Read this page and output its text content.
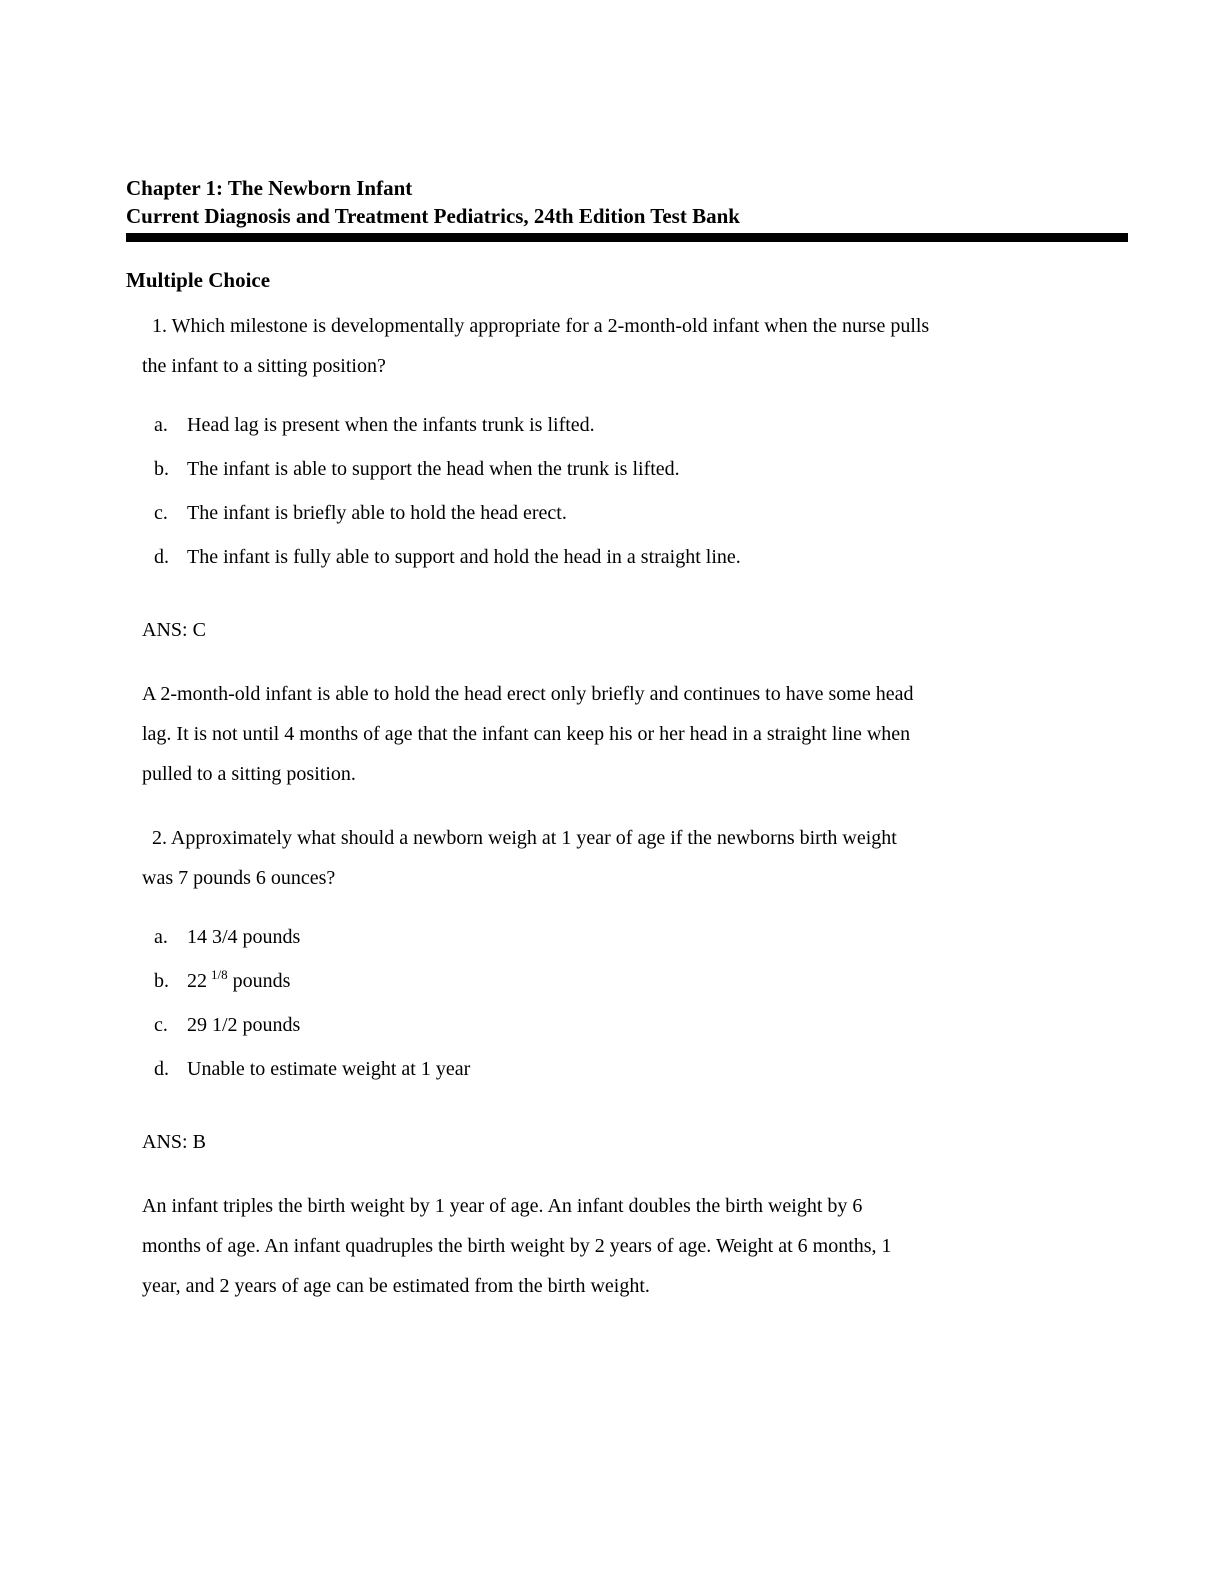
Chapter 1: The Newborn Infant
Current Diagnosis and Treatment Pediatrics, 24th Edition Test Bank
Multiple Choice
1. Which milestone is developmentally appropriate for a 2-month-old infant when the nurse pulls
the infant to a sitting position?
a. Head lag is present when the infants trunk is lifted.
b. The infant is able to support the head when the trunk is lifted.
c. The infant is briefly able to hold the head erect.
d. The infant is fully able to support and hold the head in a straight line.
ANS: C
A 2-month-old infant is able to hold the head erect only briefly and continues to have some head
lag. It is not until 4 months of age that the infant can keep his or her head in a straight line when
pulled to a sitting position.
2. Approximately what should a newborn weigh at 1 year of age if the newborns birth weight
was 7 pounds 6 ounces?
a. 14 3/4 pounds
b. 22 $^{1/8}$ pounds
c. 29 1/2 pounds
d. Unable to estimate weight at 1 year
ANS: B
An infant triples the birth weight by 1 year of age. An infant doubles the birth weight by 6
months of age. An infant quadruples the birth weight by 2 years of age. Weight at 6 months, 1
year, and 2 years of age can be estimated from the birth weight.
